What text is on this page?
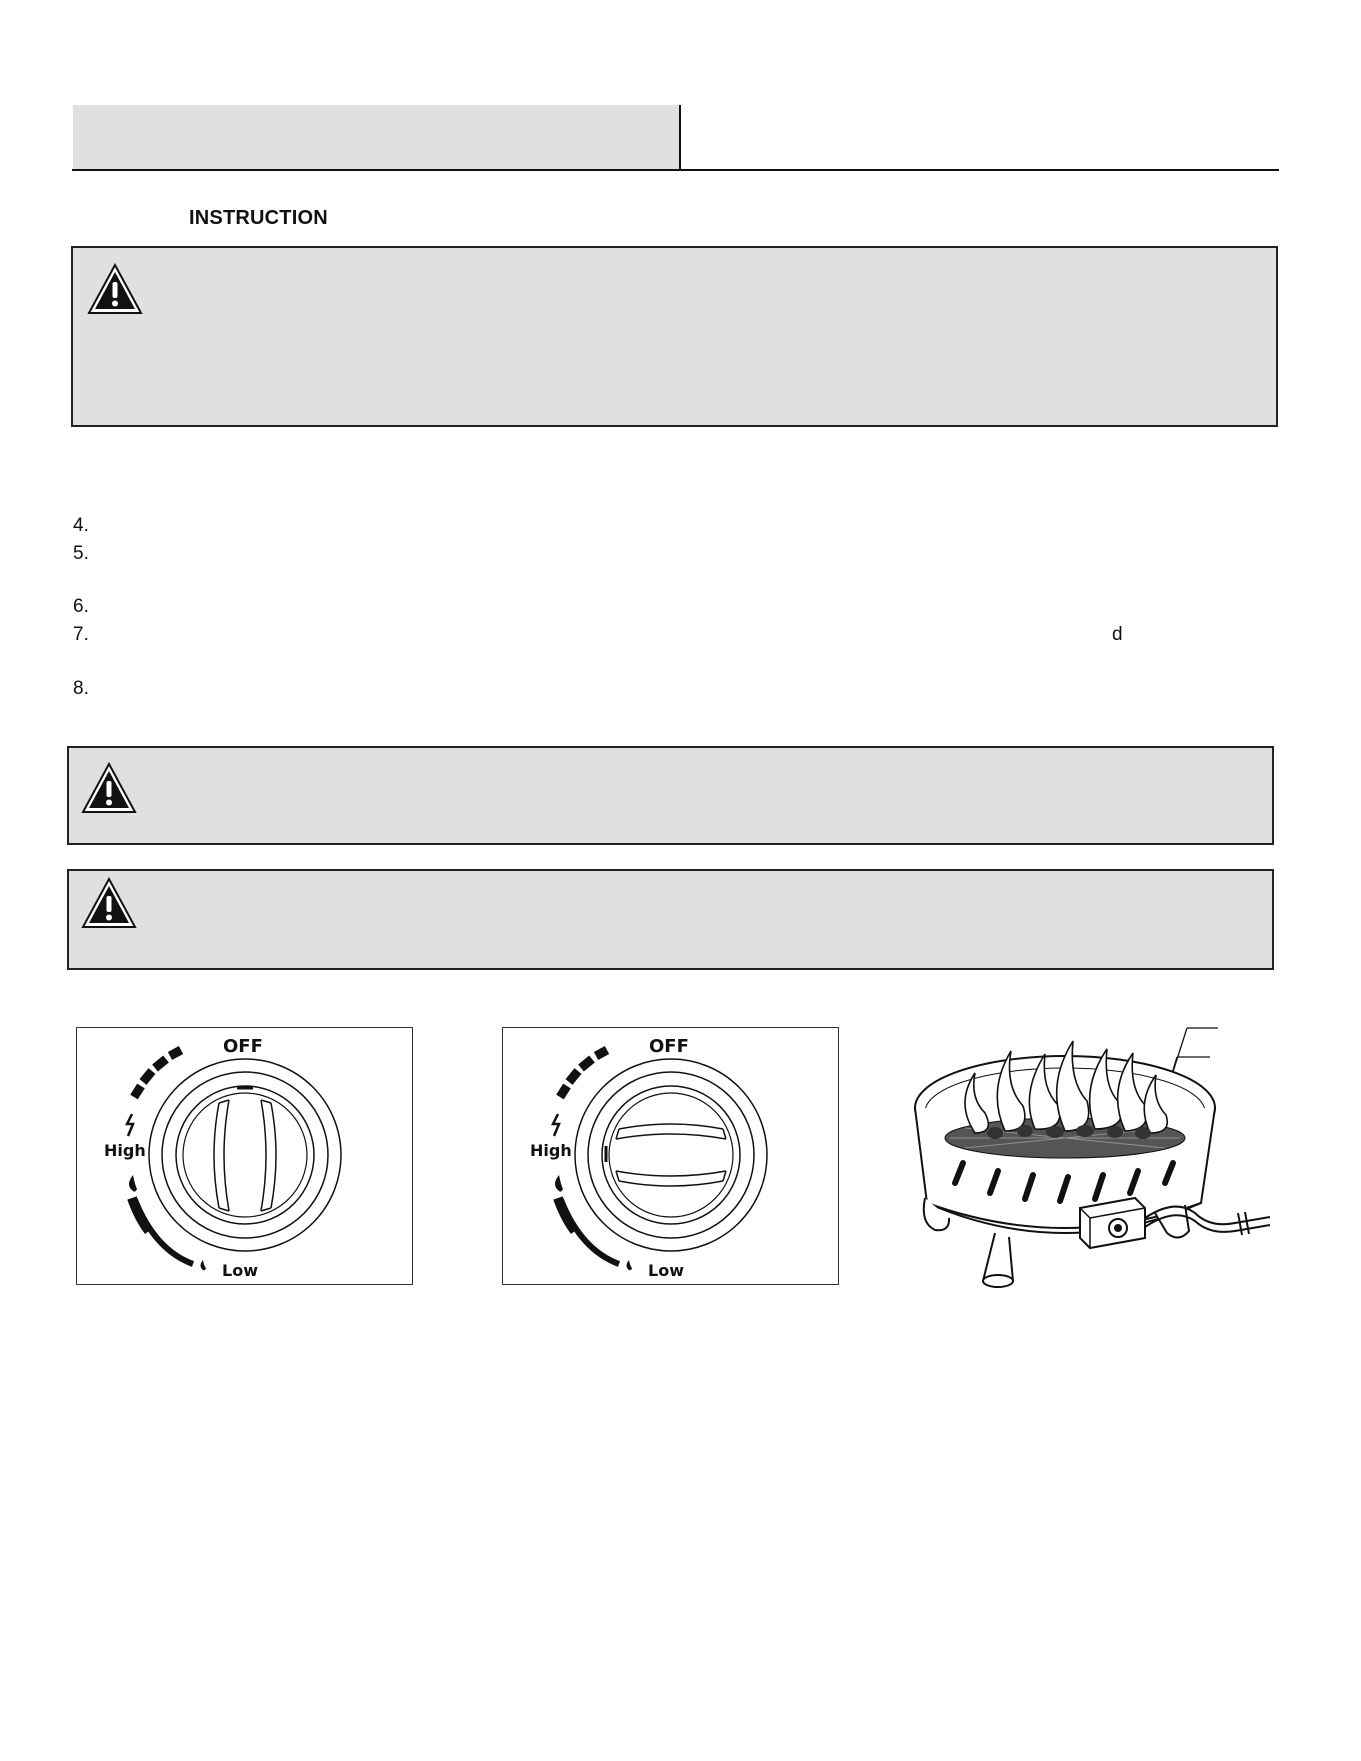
INSTRUCTION
4.
5.
6.
7.	d
8.
OFF
High
Low
OFF
High
Low
